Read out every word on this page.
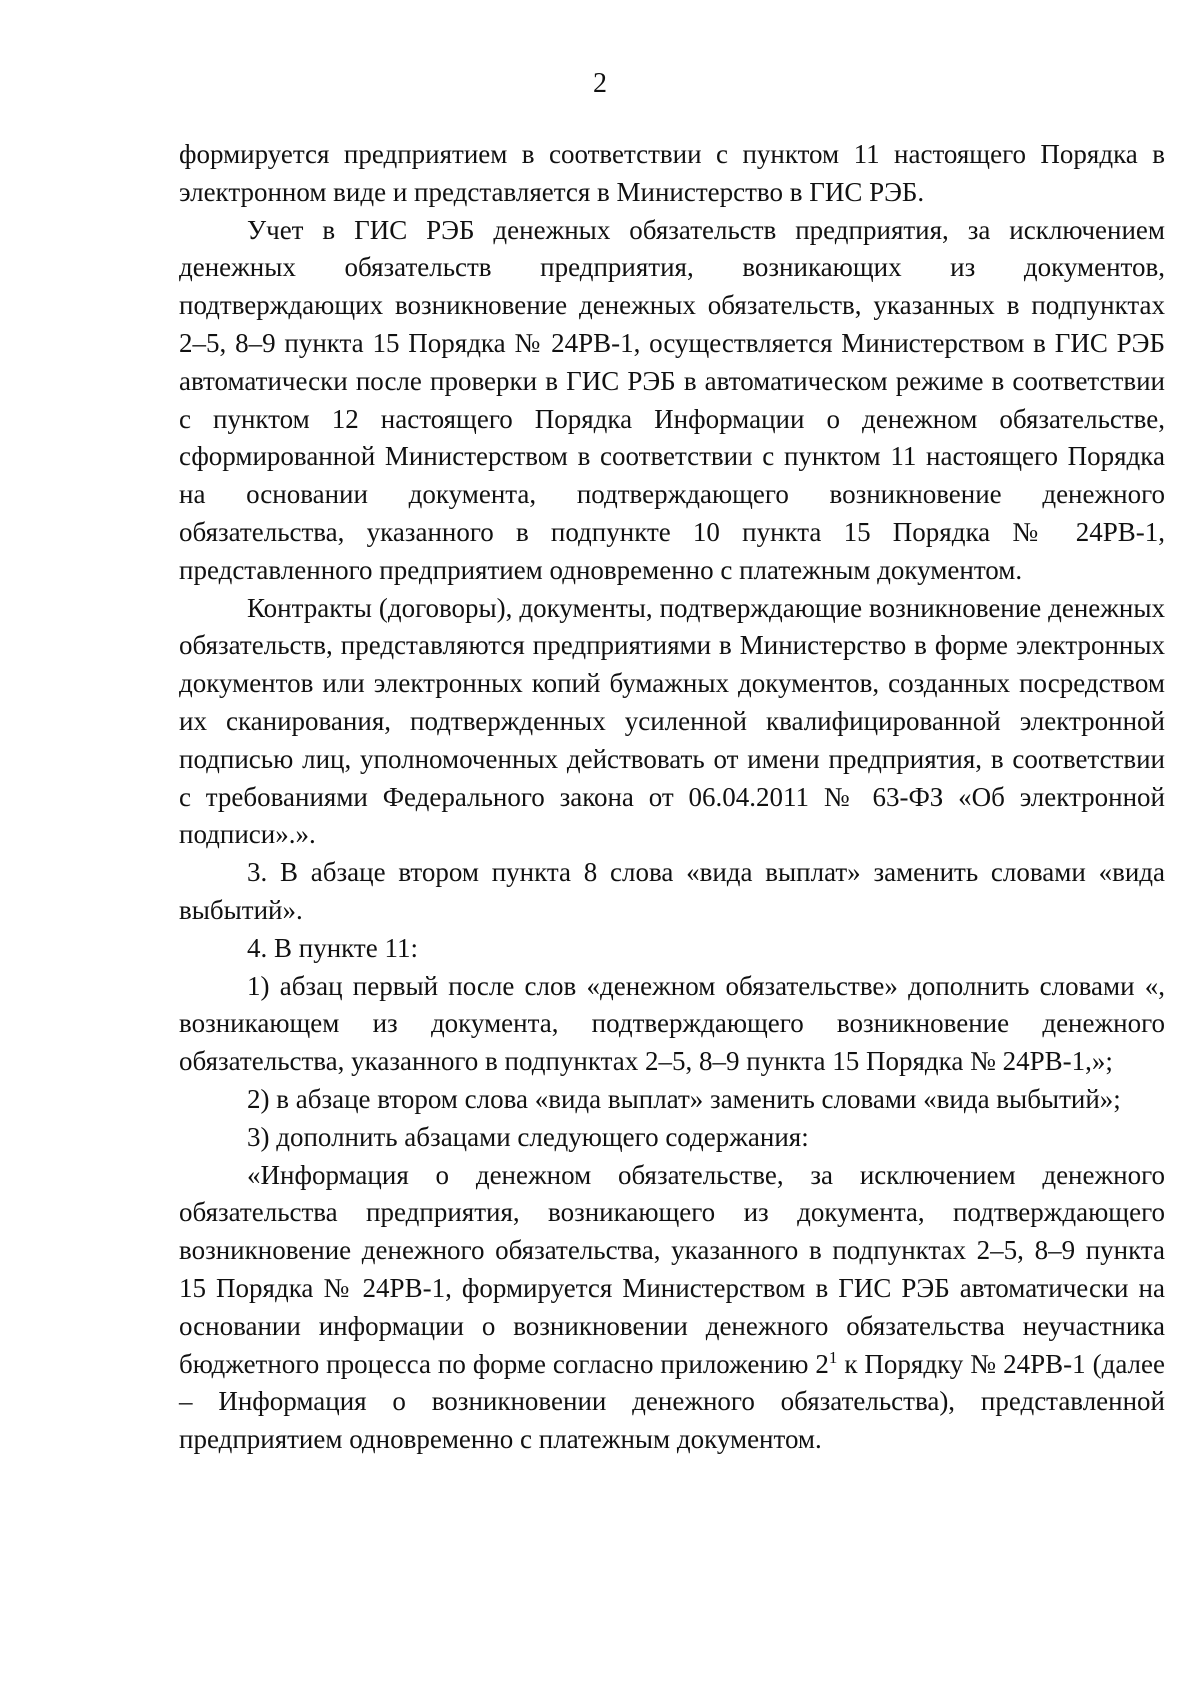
2

формируется предприятием в соответствии с пунктом 11 настоящего Порядка в электронном виде и представляется в Министерство в ГИС РЭБ.

Учет в ГИС РЭБ денежных обязательств предприятия, за исключением денежных обязательств предприятия, возникающих из документов, подтверждающих возникновение денежных обязательств, указанных в подпунктах 2–5, 8–9 пункта 15 Порядка № 24РВ-1, осуществляется Министерством в ГИС РЭБ автоматически после проверки в ГИС РЭБ в автоматическом режиме в соответствии с пунктом 12 настоящего Порядка Информации о денежном обязательстве, сформированной Министерством в соответствии с пунктом 11 настоящего Порядка на основании документа, подтверждающего возникновение денежного обязательства, указанного в подпункте 10 пункта 15 Порядка № 24РВ-1, представленного предприятием одновременно с платежным документом.

Контракты (договоры), документы, подтверждающие возникновение денежных обязательств, представляются предприятиями в Министерство в форме электронных документов или электронных копий бумажных документов, созданных посредством их сканирования, подтвержденных усиленной квалифицированной электронной подписью лиц, уполномоченных действовать от имени предприятия, в соответствии с требованиями Федерального закона от 06.04.2011 № 63-ФЗ «Об электронной подписи».».

3. В абзаце втором пункта 8 слова «вида выплат» заменить словами «вида выбытий».

4. В пункте 11:

1) абзац первый после слов «денежном обязательстве» дополнить словами «, возникающем из документа, подтверждающего возникновение денежного обязательства, указанного в подпунктах 2–5, 8–9 пункта 15 Порядка № 24РВ-1,»;

2) в абзаце втором слова «вида выплат» заменить словами «вида выбытий»;

3) дополнить абзацами следующего содержания:

«Информация о денежном обязательстве, за исключением денежного обязательства предприятия, возникающего из документа, подтверждающего возникновение денежного обязательства, указанного в подпунктах 2–5, 8–9 пункта 15 Порядка № 24РВ-1, формируется Министерством в ГИС РЭБ автоматически на основании информации о возникновении денежного обязательства неучастника бюджетного процесса по форме согласно приложению $2^1$ к Порядку № 24РВ-1 (далее – Информация о возникновении денежного обязательства), представленной предприятием одновременно с платежным документом.
